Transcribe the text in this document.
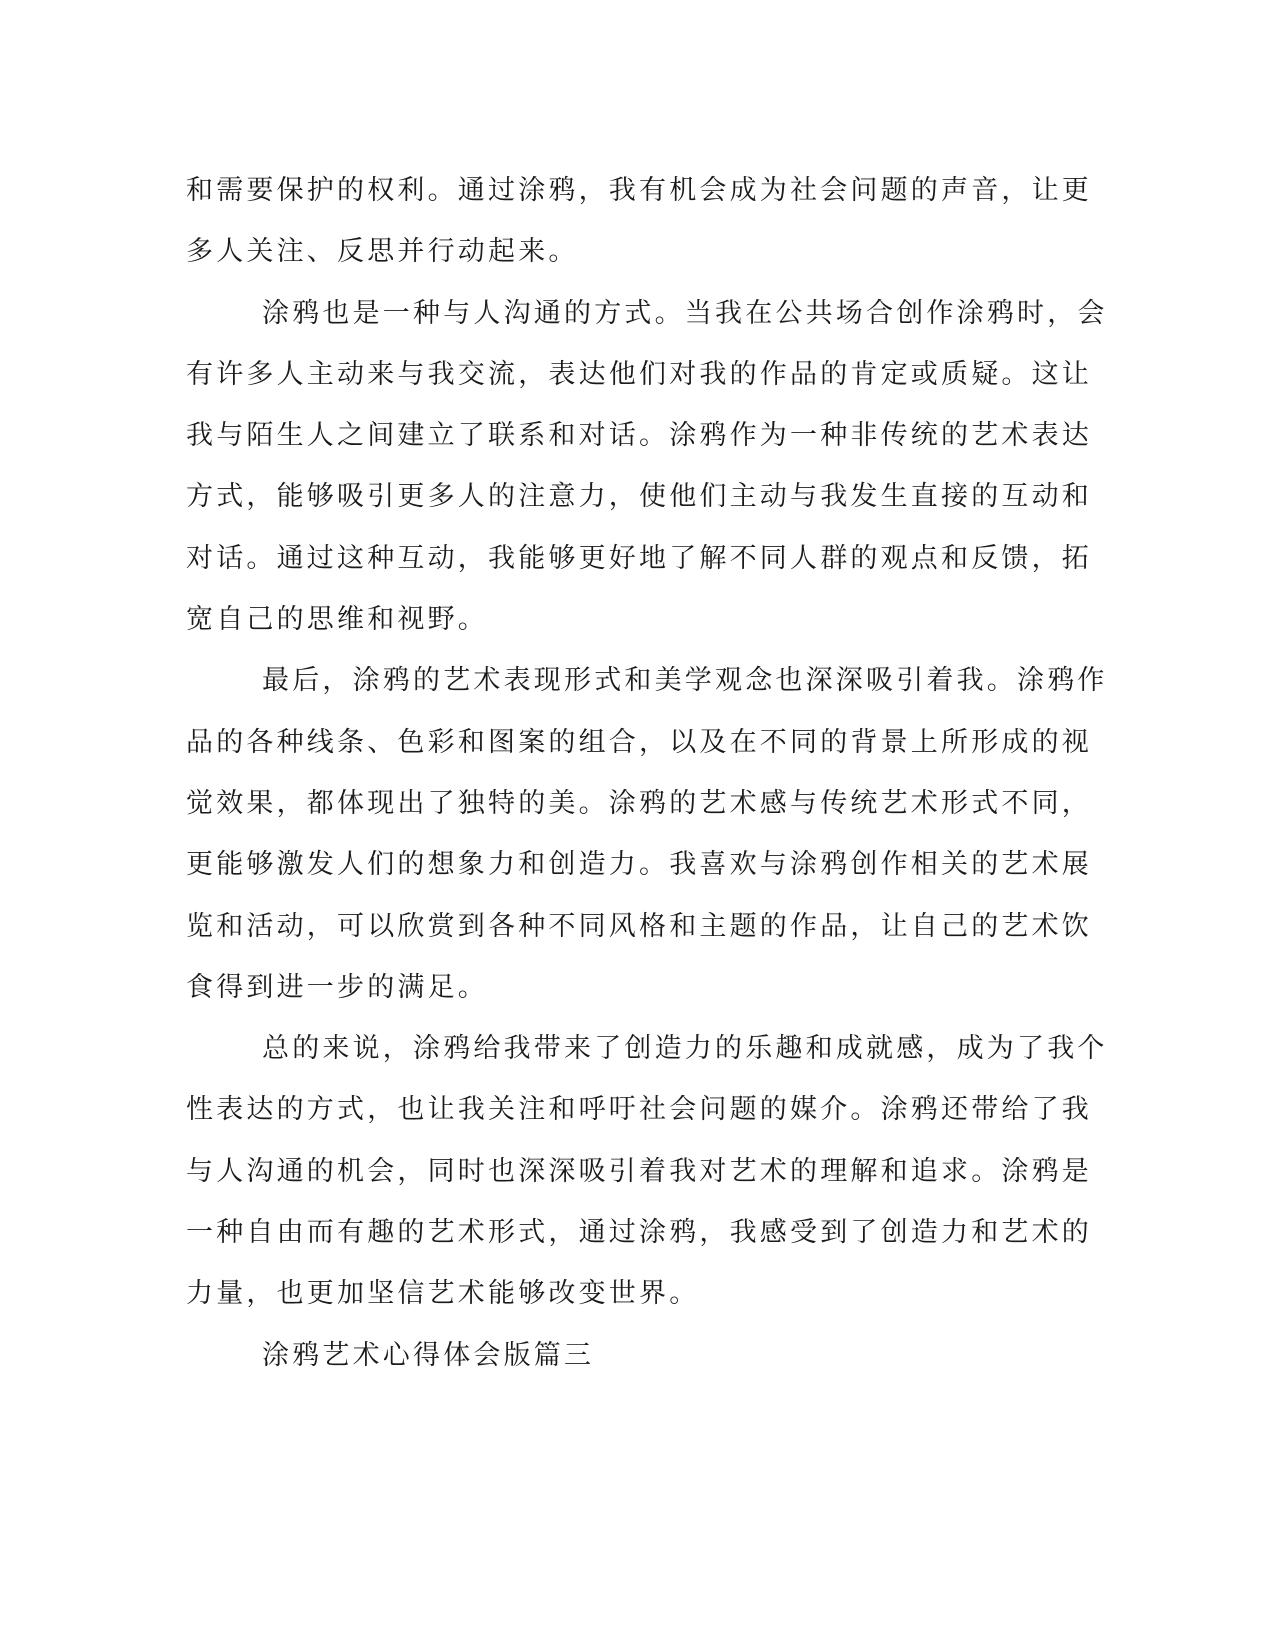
和需要保护的权利。通过涂鸦，我有机会成为社会问题的声音，让更
多人关注、反思并行动起来。
涂鸦也是一种与人沟通的方式。当我在公共场合创作涂鸦时，会
有许多人主动来与我交流，表达他们对我的作品的肯定或质疑。这让
我与陌生人之间建立了联系和对话。涂鸦作为一种非传统的艺术表达
方式，能够吸引更多人的注意力，使他们主动与我发生直接的互动和
对话。通过这种互动，我能够更好地了解不同人群的观点和反馈，拓
宽自己的思维和视野。
最后，涂鸦的艺术表现形式和美学观念也深深吸引着我。涂鸦作
品的各种线条、色彩和图案的组合，以及在不同的背景上所形成的视
觉效果，都体现出了独特的美。涂鸦的艺术感与传统艺术形式不同，
更能够激发人们的想象力和创造力。我喜欢与涂鸦创作相关的艺术展
览和活动，可以欣赏到各种不同风格和主题的作品，让自己的艺术饮
食得到进一步的满足。
总的来说，涂鸦给我带来了创造力的乐趣和成就感，成为了我个
性表达的方式，也让我关注和呼吁社会问题的媒介。涂鸦还带给了我
与人沟通的机会，同时也深深吸引着我对艺术的理解和追求。涂鸦是
一种自由而有趣的艺术形式，通过涂鸦，我感受到了创造力和艺术的
力量，也更加坚信艺术能够改变世界。
涂鸦艺术心得体会版篇三
